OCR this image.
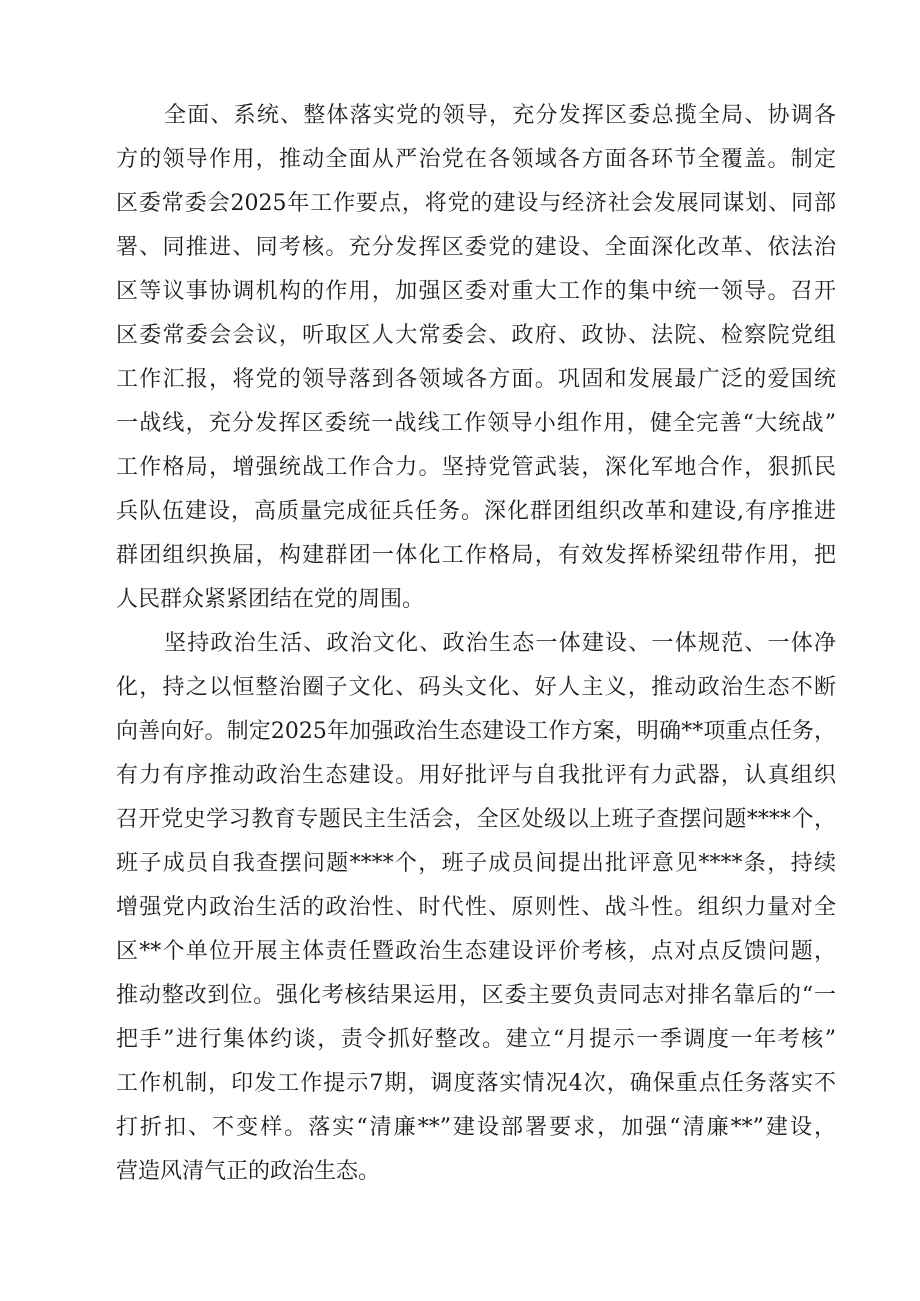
全面、系统、整体落实党的领导，充分发挥区委总揽全局、协调各
方的领导作用，推动全面从严治党在各领域各方面各环节全覆盖。制定
区委常委会2025年工作要点，将党的建设与经济社会发展同谋划、同部
署、同推进、同考核。充分发挥区委党的建设、全面深化改革、依法治
区等议事协调机构的作用，加强区委对重大工作的集中统一领导。召开
区委常委会会议，听取区人大常委会、政府、政协、法院、检察院党组
工作汇报，将党的领导落到各领域各方面。巩固和发展最广泛的爱国统
一战线，充分发挥区委统一战线工作领导小组作用，健全完善“大统战”
工作格局，增强统战工作合力。坚持党管武装，深化军地合作，狠抓民
兵队伍建设，高质量完成征兵任务。深化群团组织改革和建设,有序推进
群团组织换届，构建群团一体化工作格局，有效发挥桥梁纽带作用，把
人民群众紧紧团结在党的周围。
坚持政治生活、政治文化、政治生态一体建设、一体规范、一体净
化，持之以恒整治圈子文化、码头文化、好人主义，推动政治生态不断
向善向好。制定2025年加强政治生态建设工作方案，明确**项重点任务，
有力有序推动政治生态建设。用好批评与自我批评有力武器，认真组织
召开党史学习教育专题民主生活会，全区处级以上班子查摆问题****个，
班子成员自我查摆问题****个，班子成员间提出批评意见****条，持续
增强党内政治生活的政治性、时代性、原则性、战斗性。组织力量对全
区**个单位开展主体责任暨政治生态建设评价考核，点对点反馈问题，
推动整改到位。强化考核结果运用，区委主要负责同志对排名靠后的“一
把手”进行集体约谈，责令抓好整改。建立“月提示一季调度一年考核”
工作机制，印发工作提示7期，调度落实情况4次，确保重点任务落实不
打折扣、不变样。落实“清廉**”建设部署要求，加强“清廉**”建设，
营造风清气正的政治生态。
